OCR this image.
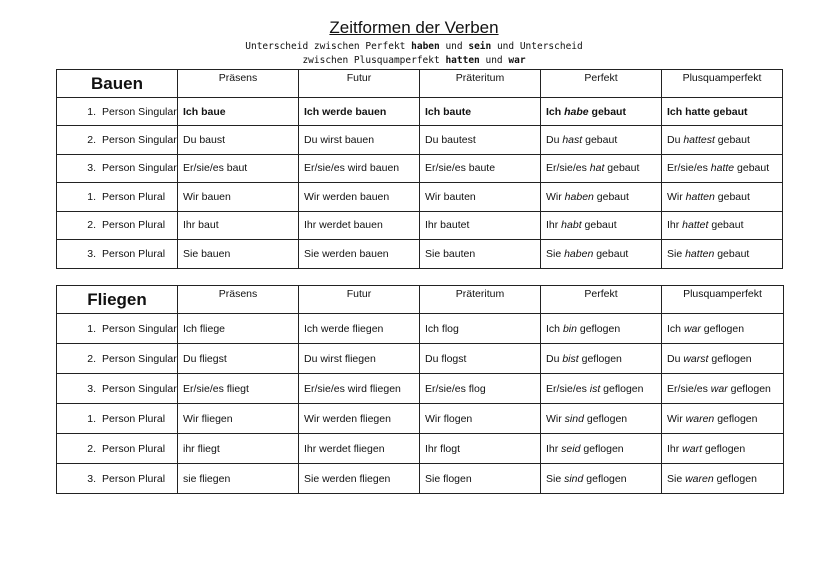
Zeitformen der Verben
Unterscheid zwischen Perfekt haben und sein und Unterscheid
zwischen Plusquamperfekt hatten und war
Bauen	Präsens	Futur	Präteritum	Perfekt	Plusquamperfekt
1. Person Singular	Ich baue	Ich werde bauen	Ich baute	Ich habe gebaut	Ich hatte gebaut
2. Person Singular	Du baust	Du wirst bauen	Du bautest	Du hast gebaut	Du hattest gebaut
3. Person Singular	Er/sie/es baut	Er/sie/es wird bauen	Er/sie/es baute	Er/sie/es hat gebaut	Er/sie/es hatte gebaut
1. Person Plural	Wir bauen	Wir werden bauen	Wir bauten	Wir haben gebaut	Wir hatten gebaut
2. Person Plural	Ihr baut	Ihr werdet bauen	Ihr bautet	Ihr habt gebaut	Ihr hattet gebaut
3. Person Plural	Sie bauen	Sie werden bauen	Sie bauten	Sie haben gebaut	Sie hatten gebaut
Fliegen	Präsens	Futur	Präteritum	Perfekt	Plusquamperfekt
1. Person Singular	Ich fliege	Ich werde fliegen	Ich flog	Ich bin geflogen	Ich war geflogen
2. Person Singular	Du fliegst	Du wirst fliegen	Du flogst	Du bist geflogen	Du warst geflogen
3. Person Singular	Er/sie/es fliegt	Er/sie/es wird fliegen	Er/sie/es flog	Er/sie/es ist geflogen	Er/sie/es war geflogen
1. Person Plural	Wir fliegen	Wir werden fliegen	Wir flogen	Wir sind geflogen	Wir waren geflogen
2. Person Plural	ihr fliegt	Ihr werdet fliegen	Ihr flogt	Ihr seid geflogen	Ihr wart geflogen
3. Person Plural	sie fliegen	Sie werden fliegen	Sie flogen	Sie sind geflogen	Sie waren geflogen
